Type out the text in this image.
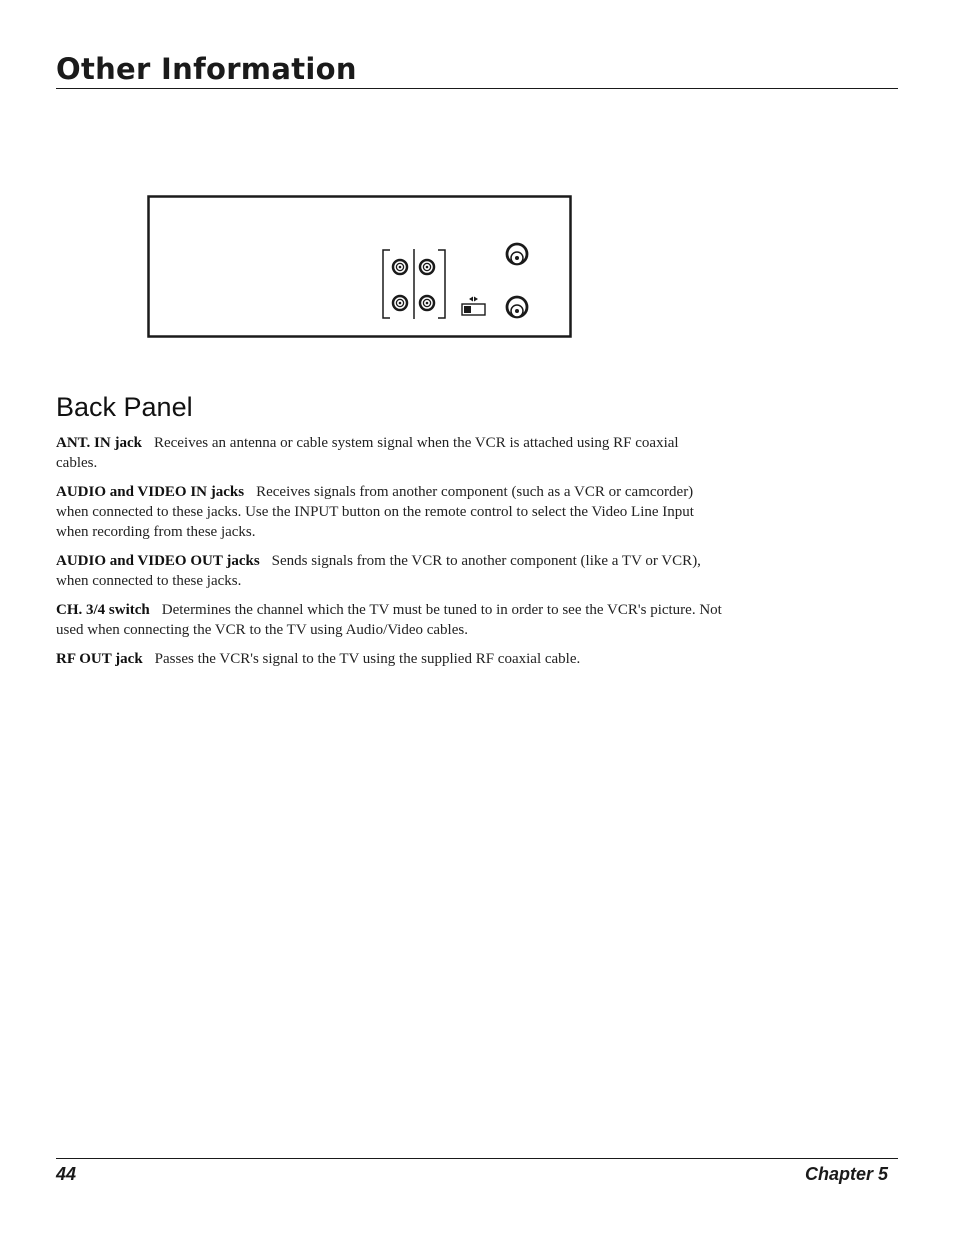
Other Information
Back Panel

ANT. IN jack Receives an antenna or cable system signal when the VCR is attached using RF coaxial cables.

AUDIO and VIDEO IN jacks Receives signals from another component (such as a VCR or camcorder) when connected to these jacks. Use the INPUT button on the remote control to select the Video Line Input when recording from these jacks.

AUDIO and VIDEO OUT jacks Sends signals from the VCR to another component (like a TV or VCR), when connected to these jacks.

CH. 3/4 switch Determines the channel which the TV must be tuned to in order to see the VCR's picture. Not used when connecting the VCR to the TV using Audio/Video cables.

RF OUT jack Passes the VCR's signal to the TV using the supplied RF coaxial cable.

44	Chapter 5
